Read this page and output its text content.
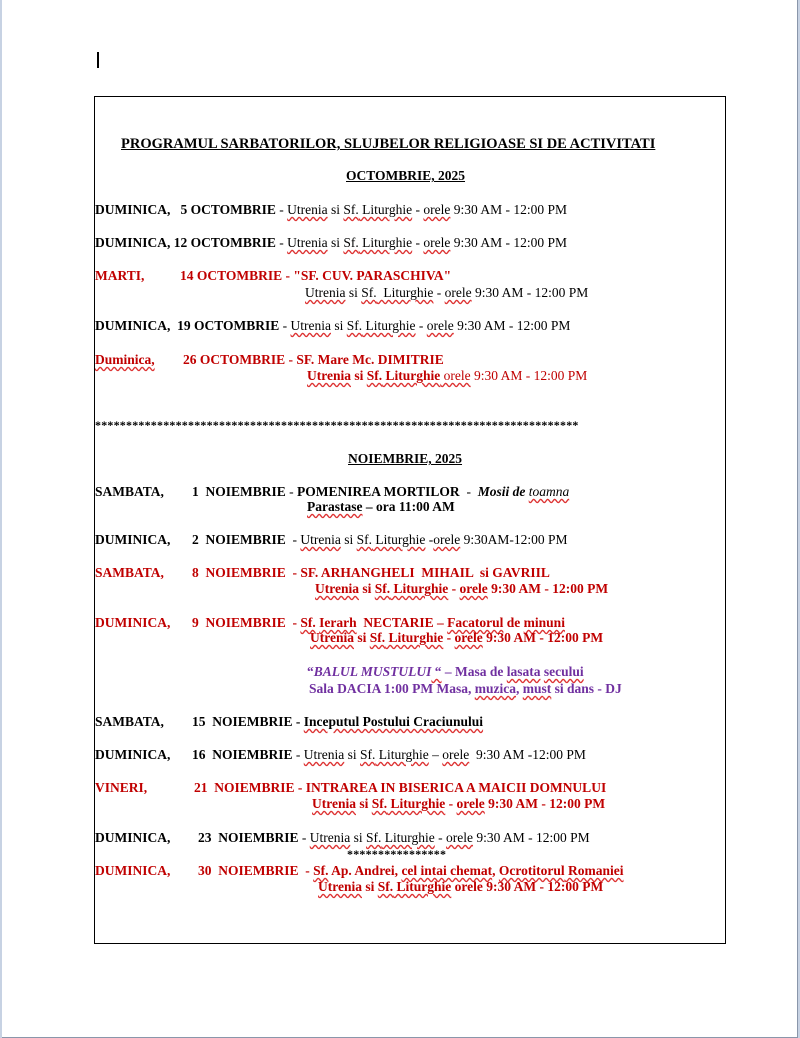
PROGRAMUL SARBATORILOR, SLUJBELOR RELIGIOASE SI DE ACTIVITATI
OCTOMBRIE, 2025
DUMINICA, 5 OCTOMBRIE - Utrenia si Sf. Liturghie - orele 9:30 AM - 12:00 PM
DUMINICA, 12 OCTOMBRIE - Utrenia si Sf. Liturghie - orele 9:30 AM - 12:00 PM
MARTI,	14 OCTOMBRIE - "SF. CUV. PARASCHIVA"
Utrenia si Sf.  Liturghie - orele 9:30 AM - 12:00 PM
DUMINICA,  19 OCTOMBRIE - Utrenia si Sf. Liturghie - orele 9:30 AM - 12:00 PM
Duminica, 26 OCTOMBRIE - SF. Mare Mc. DIMITRIE
Utrenia si Sf. Liturghie orele 9:30 AM - 12:00 PM
******************************************************************************
NOIEMBRIE, 2025
SAMBATA, 1  NOIEMBRIE - POMENIREA MORTILOR  -  Mosii de toamna
Parastase – ora 11:00 AM
DUMINICA, 2  NOIEMBRIE  - Utrenia si Sf. Liturghie -orele 9:30AM-12:00 PM
SAMBATA, 8  NOIEMBRIE  - SF. ARHANGHELI  MIHAIL  si GAVRIIL
Utrenia si Sf. Liturghie - orele 9:30 AM - 12:00 PM
DUMINICA, 9  NOIEMBRIE  - Sf. Ierarh  NECTARIE – Facatorul de minuni
Utrenia si Sf. Liturghie - orele 9:30 AM - 12:00 PM
“BALUL MUSTULUI “ – Masa de lasata secului
Sala DACIA 1:00 PM Masa, muzica, must si dans - DJ
SAMBATA, 15  NOIEMBRIE - Inceputul Postului Craciunului
DUMINICA, 16  NOIEMBRIE - Utrenia si Sf. Liturghie – orele  9:30 AM -12:00 PM
VINERI,	21  NOIEMBRIE - INTRAREA IN BISERICA A MAICII DOMNULUI
Utrenia si Sf. Liturghie - orele 9:30 AM - 12:00 PM
DUMINICA, 23  NOIEMBRIE - Utrenia si Sf. Liturghie - orele 9:30 AM - 12:00 PM
****************
DUMINICA, 30  NOIEMBRIE  - Sf. Ap. Andrei, cel intai chemat, Ocrotitorul Romaniei
Utrenia si Sf. Liturghie orele 9:30 AM - 12:00 PM
